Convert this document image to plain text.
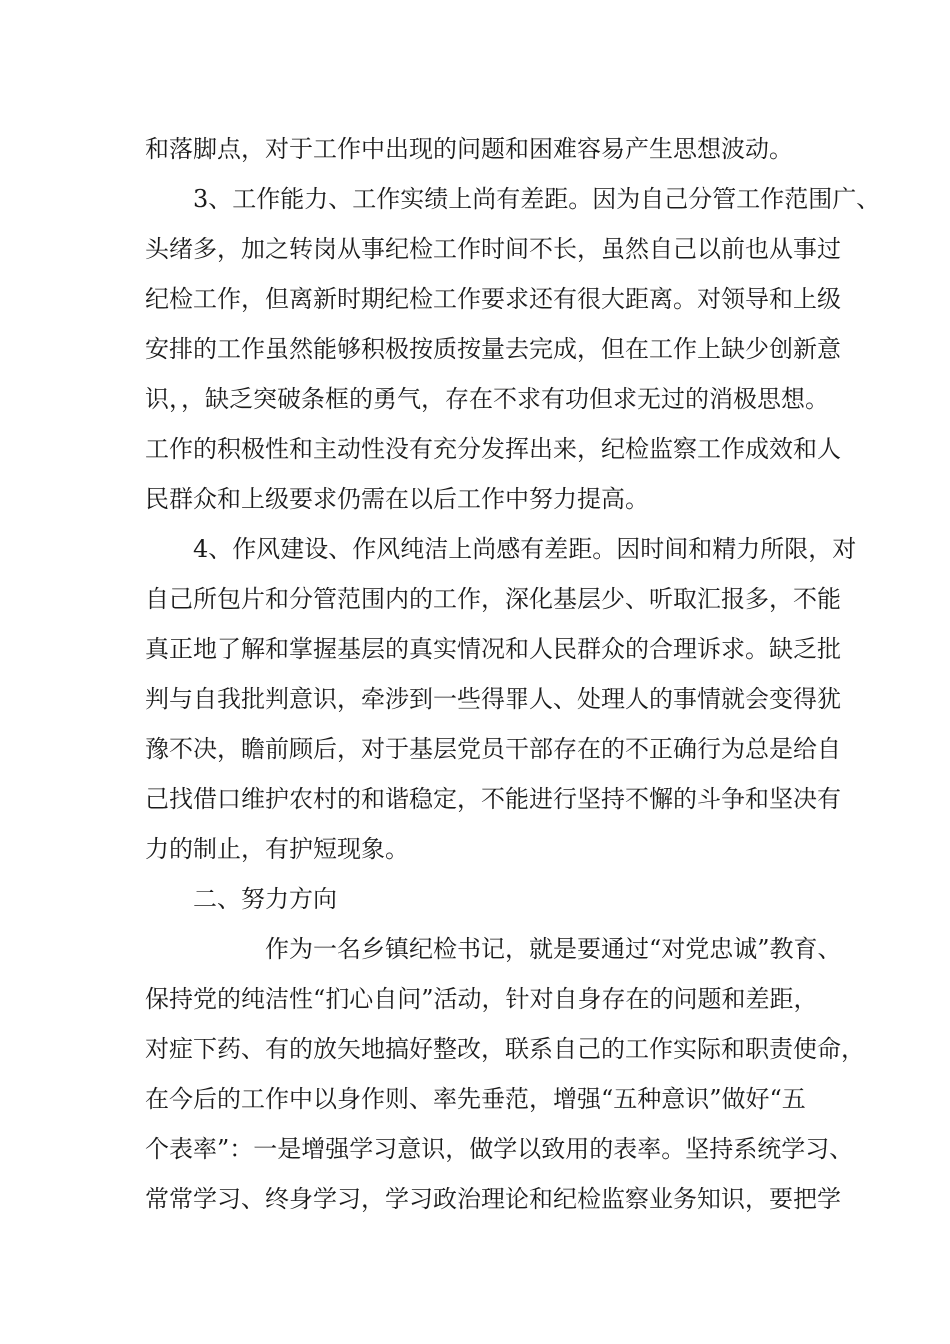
和落脚点，对于工作中出现的问题和困难容易产生思想波动。
3、工作能力、工作实绩上尚有差距。因为自己分管工作范围广、
头绪多，加之转岗从事纪检工作时间不长，虽然自己以前也从事过
纪检工作，但离新时期纪检工作要求还有很大距离。对领导和上级
安排的工作虽然能够积极按质按量去完成，但在工作上缺少创新意
识，，缺乏突破条框的勇气，存在不求有功但求无过的消极思想。
工作的积极性和主动性没有充分发挥出来，纪检监察工作成效和人
民群众和上级要求仍需在以后工作中努力提高。
4、作风建设、作风纯洁上尚感有差距。因时间和精力所限，对
自己所包片和分管范围内的工作，深化基层少、听取汇报多，不能
真正地了解和掌握基层的真实情况和人民群众的合理诉求。缺乏批
判与自我批判意识，牵涉到一些得罪人、处理人的事情就会变得犹
豫不决，瞻前顾后，对于基层党员干部存在的不正确行为总是给自
己找借口维护农村的和谐稳定，不能进行坚持不懈的斗争和坚决有
力的制止，有护短现象。
二、努力方向
作为一名乡镇纪检书记，就是要通过“对党忠诚”教育、
保持党的纯洁性“扪心自问”活动，针对自身存在的问题和差距，
对症下药、有的放矢地搞好整改，联系自己的工作实际和职责使命，
在今后的工作中以身作则、率先垂范，增强“五种意识”做好“五
个表率”：一是增强学习意识，做学以致用的表率。坚持系统学习、
常常学习、终身学习，学习政治理论和纪检监察业务知识，要把学
